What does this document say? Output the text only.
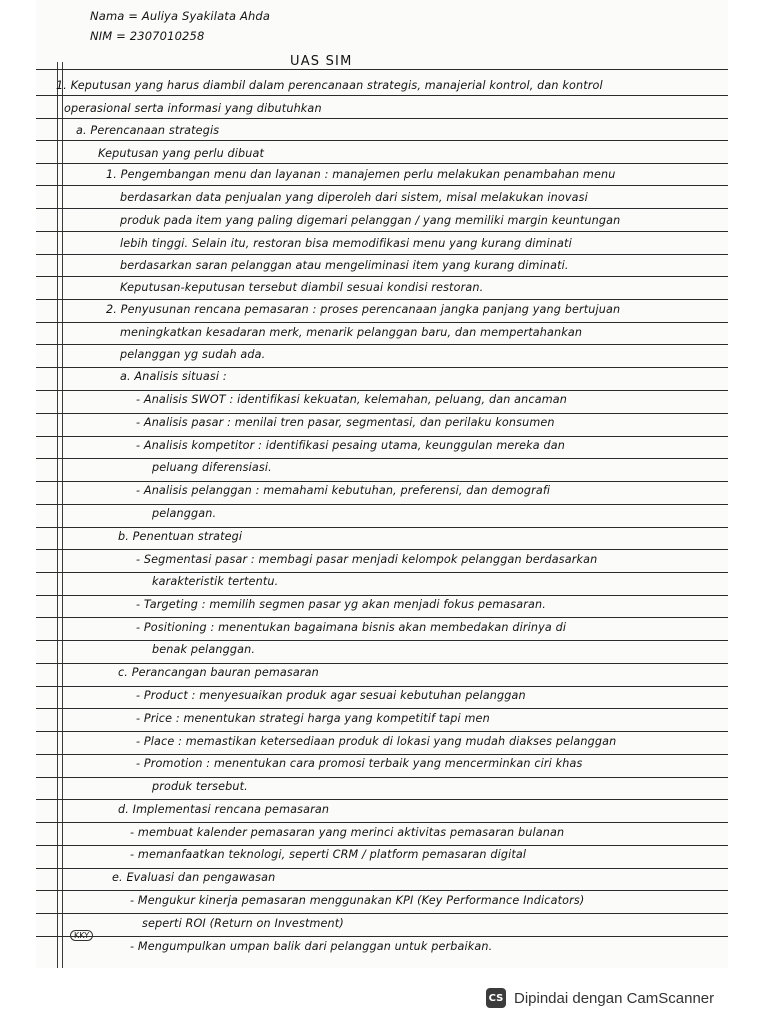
Nama = Auliya Syakilata Ahda
NIM = 2307010258
UAS SIM
1. Keputusan yang harus diambil dalam perencanaan strategis, manajerial kontrol, dan kontrol
operasional serta informasi yang dibutuhkan
a. Perencanaan strategis
Keputusan yang perlu dibuat
1. Pengembangan menu dan layanan : manajemen perlu melakukan penambahan menu
berdasarkan data penjualan yang diperoleh dari sistem, misal melakukan inovasi
produk pada item yang paling digemari pelanggan / yang memiliki margin keuntungan
lebih tinggi. Selain itu, restoran bisa memodifikasi menu yang kurang diminati
berdasarkan saran pelanggan atau mengeliminasi item yang kurang diminati.
Keputusan-keputusan tersebut diambil sesuai kondisi restoran.
2. Penyusunan rencana pemasaran : proses perencanaan jangka panjang yang bertujuan
meningkatkan kesadaran merk, menarik pelanggan baru, dan mempertahankan
pelanggan yg sudah ada.
a. Analisis situasi :
- Analisis SWOT : identifikasi kekuatan, kelemahan, peluang, dan ancaman
- Analisis pasar : menilai tren pasar, segmentasi, dan perilaku konsumen
- Analisis kompetitor : identifikasi pesaing utama, keunggulan mereka dan
peluang diferensiasi.
- Analisis pelanggan : memahami kebutuhan, preferensi, dan demografi
pelanggan.
b. Penentuan strategi
- Segmentasi pasar : membagi pasar menjadi kelompok pelanggan berdasarkan
karakteristik tertentu.
- Targeting : memilih segmen pasar yg akan menjadi fokus pemasaran.
- Positioning : menentukan bagaimana bisnis akan membedakan dirinya di
benak pelanggan.
c. Perancangan bauran pemasaran
- Product : menyesuaikan produk agar sesuai kebutuhan pelanggan
- Price : menentukan strategi harga yang kompetitif tapi men
- Place : memastikan ketersediaan produk di lokasi yang mudah diakses pelanggan
- Promotion : menentukan cara promosi terbaik yang mencerminkan ciri khas
produk tersebut.
d. Implementasi rencana pemasaran
- membuat kalender pemasaran yang merinci aktivitas pemasaran bulanan
- memanfaatkan teknologi, seperti CRM / platform pemasaran digital
e. Evaluasi dan pengawasan
- Mengukur kinerja pemasaran menggunakan KPI (Key Performance Indicators)
seperti ROI (Return on Investment)
- Mengumpulkan umpan balik dari pelanggan untuk perbaikan.
KKY
CS Dipindai dengan CamScanner
